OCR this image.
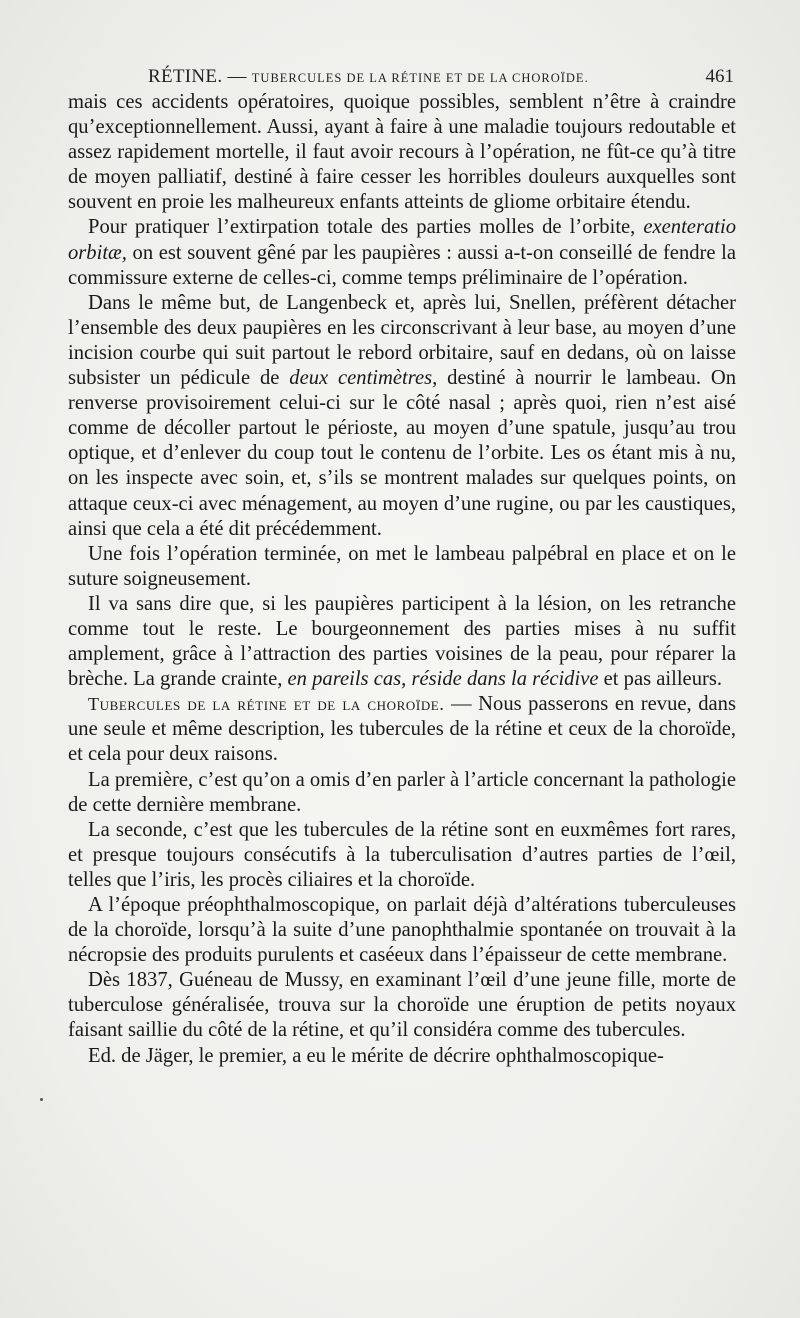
RÉTINE. — TUBERCULES DE LA RÉTINE ET DE LA CHOROÏDE.	461

mais ces accidents opératoires, quoique possibles, semblent n’être à craindre qu’exceptionnellement. Aussi, ayant à faire à une maladie toujours redoutable et assez rapidement mortelle, il faut avoir recours à l’opération, ne fût-ce qu’à titre de moyen palliatif, destiné à faire cesser les horribles douleurs auxquelles sont souvent en proie les malheureux enfants atteints de gliome orbitaire étendu.

Pour pratiquer l’extirpation totale des parties molles de l’orbite, exenteratio orbitæ, on est souvent gêné par les paupières : aussi a-t-on conseillé de fendre la commissure externe de celles-ci, comme temps préliminaire de l’opération.

Dans le même but, de Langenbeck et, après lui, Snellen, préfèrent détacher l’ensemble des deux paupières en les circonscrivant à leur base, au moyen d’une incision courbe qui suit partout le rebord orbitaire, sauf en dedans, où on laisse subsister un pédicule de deux centimètres, destiné à nourrir le lambeau. On renverse provisoirement celui-ci sur le côté nasal ; après quoi, rien n’est aisé comme de décoller partout le périoste, au moyen d’une spatule, jusqu’au trou optique, et d’enlever du coup tout le contenu de l’orbite. Les os étant mis à nu, on les inspecte avec soin, et, s’ils se montrent malades sur quelques points, on attaque ceux-ci avec ménagement, au moyen d’une rugine, ou par les caustiques, ainsi que cela a été dit précédemment.

Une fois l’opération terminée, on met le lambeau palpébral en place et on le suture soigneusement.

Il va sans dire que, si les paupières participent à la lésion, on les retranche comme tout le reste. Le bourgeonnement des parties mises à nu suffit amplement, grâce à l’attraction des parties voisines de la peau, pour réparer la brèche. La grande crainte, en pareils cas, réside dans la récidive et pas ailleurs.

Tubercules de la rétine et de la choroïde. — Nous passerons en revue, dans une seule et même description, les tubercules de la rétine et ceux de la choroïde, et cela pour deux raisons.

La première, c’est qu’on a omis d’en parler à l’article concernant la pathologie de cette dernière membrane.

La seconde, c’est que les tubercules de la rétine sont en euxmêmes fort rares, et presque toujours consécutifs à la tuberculisation d’autres parties de l’œil, telles que l’iris, les procès ciliaires et la choroïde.

A l’époque préophthalmoscopique, on parlait déjà d’altérations tuberculeuses de la choroïde, lorsqu’à la suite d’une panophthalmie spontanée on trouvait à la nécropsie des produits purulents et caséeux dans l’épaisseur de cette membrane.

Dès 1837, Guéneau de Mussy, en examinant l’œil d’une jeune fille, morte de tuberculose généralisée, trouva sur la choroïde une éruption de petits noyaux faisant saillie du côté de la rétine, et qu’il considéra comme des tubercules.

Ed. de Jäger, le premier, a eu le mérite de décrire ophthalmoscopique-
